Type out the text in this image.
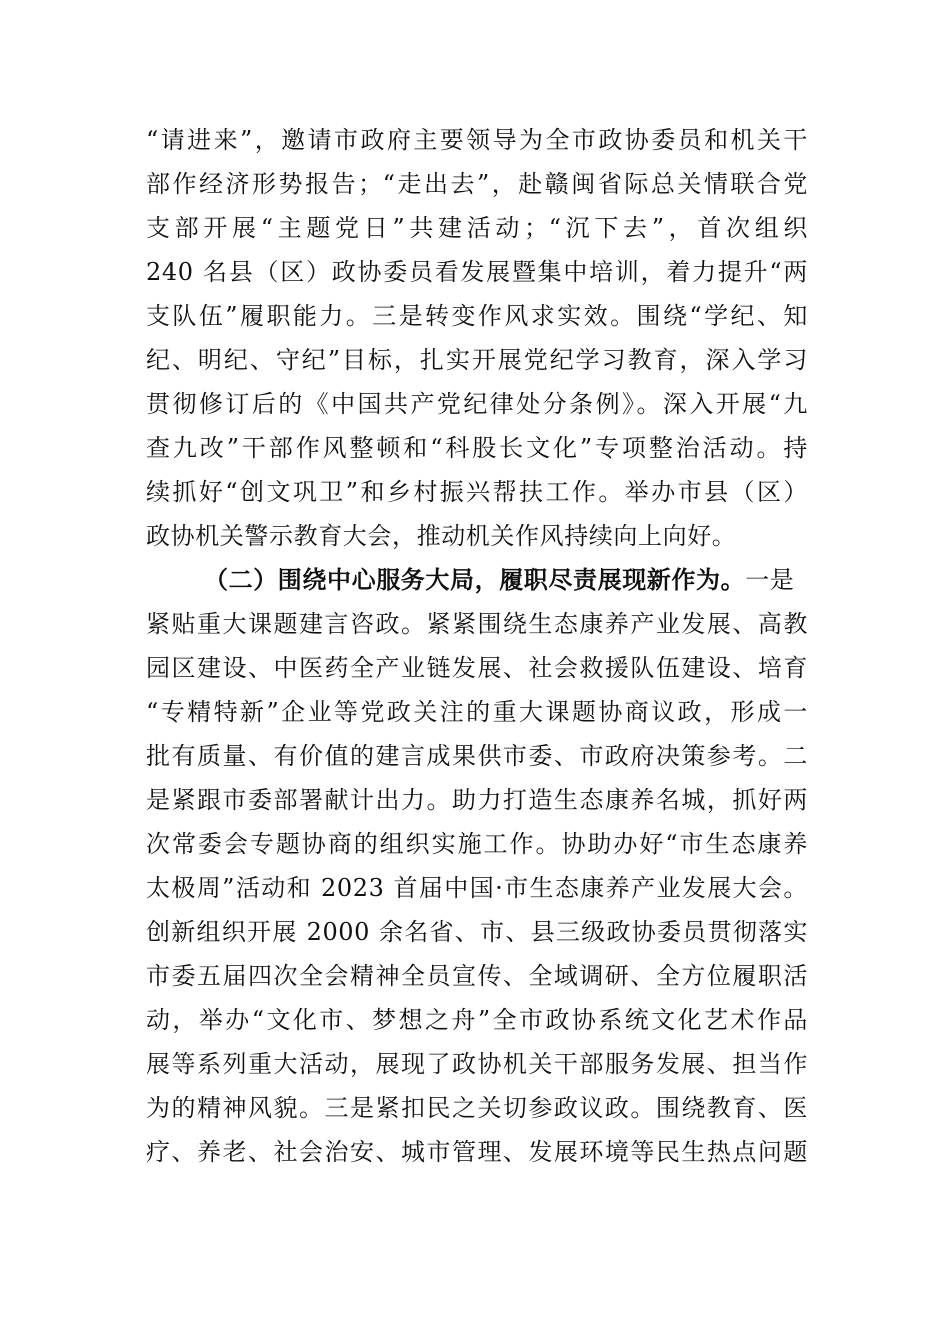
“请进来”，邀请市政府主要领导为全市政协委员和机关干
部作经济形势报告；“走出去”，赴赣闽省际总关情联合党
支部开展“主题党日”共建活动；“沉下去”，首次组织
240 名县（区）政协委员看发展暨集中培训，着力提升“两
支队伍”履职能力。三是转变作风求实效。围绕“学纪、知
纪、明纪、守纪”目标，扎实开展党纪学习教育，深入学习
贯彻修订后的《中国共产党纪律处分条例》。深入开展“九
查九改”干部作风整顿和“科股长文化”专项整治活动。持
续抓好“创文巩卫”和乡村振兴帮扶工作。举办市县（区）
政协机关警示教育大会，推动机关作风持续向上向好。
（二）围绕中心服务大局，履职尽责展现新作为。一是
紧贴重大课题建言咨政。紧紧围绕生态康养产业发展、高教
园区建设、中医药全产业链发展、社会救援队伍建设、培育
“专精特新”企业等党政关注的重大课题协商议政，形成一
批有质量、有价值的建言成果供市委、市政府决策参考。二
是紧跟市委部署献计出力。助力打造生态康养名城，抓好两
次常委会专题协商的组织实施工作。协助办好“市生态康养
太极周”活动和 2023 首届中国·市生态康养产业发展大会。
创新组织开展 2000 余名省、市、县三级政协委员贯彻落实
市委五届四次全会精神全员宣传、全域调研、全方位履职活
动，举办“文化市、梦想之舟”全市政协系统文化艺术作品
展等系列重大活动，展现了政协机关干部服务发展、担当作
为的精神风貌。三是紧扣民之关切参政议政。围绕教育、医
疗、养老、社会治安、城市管理、发展环境等民生热点问题
